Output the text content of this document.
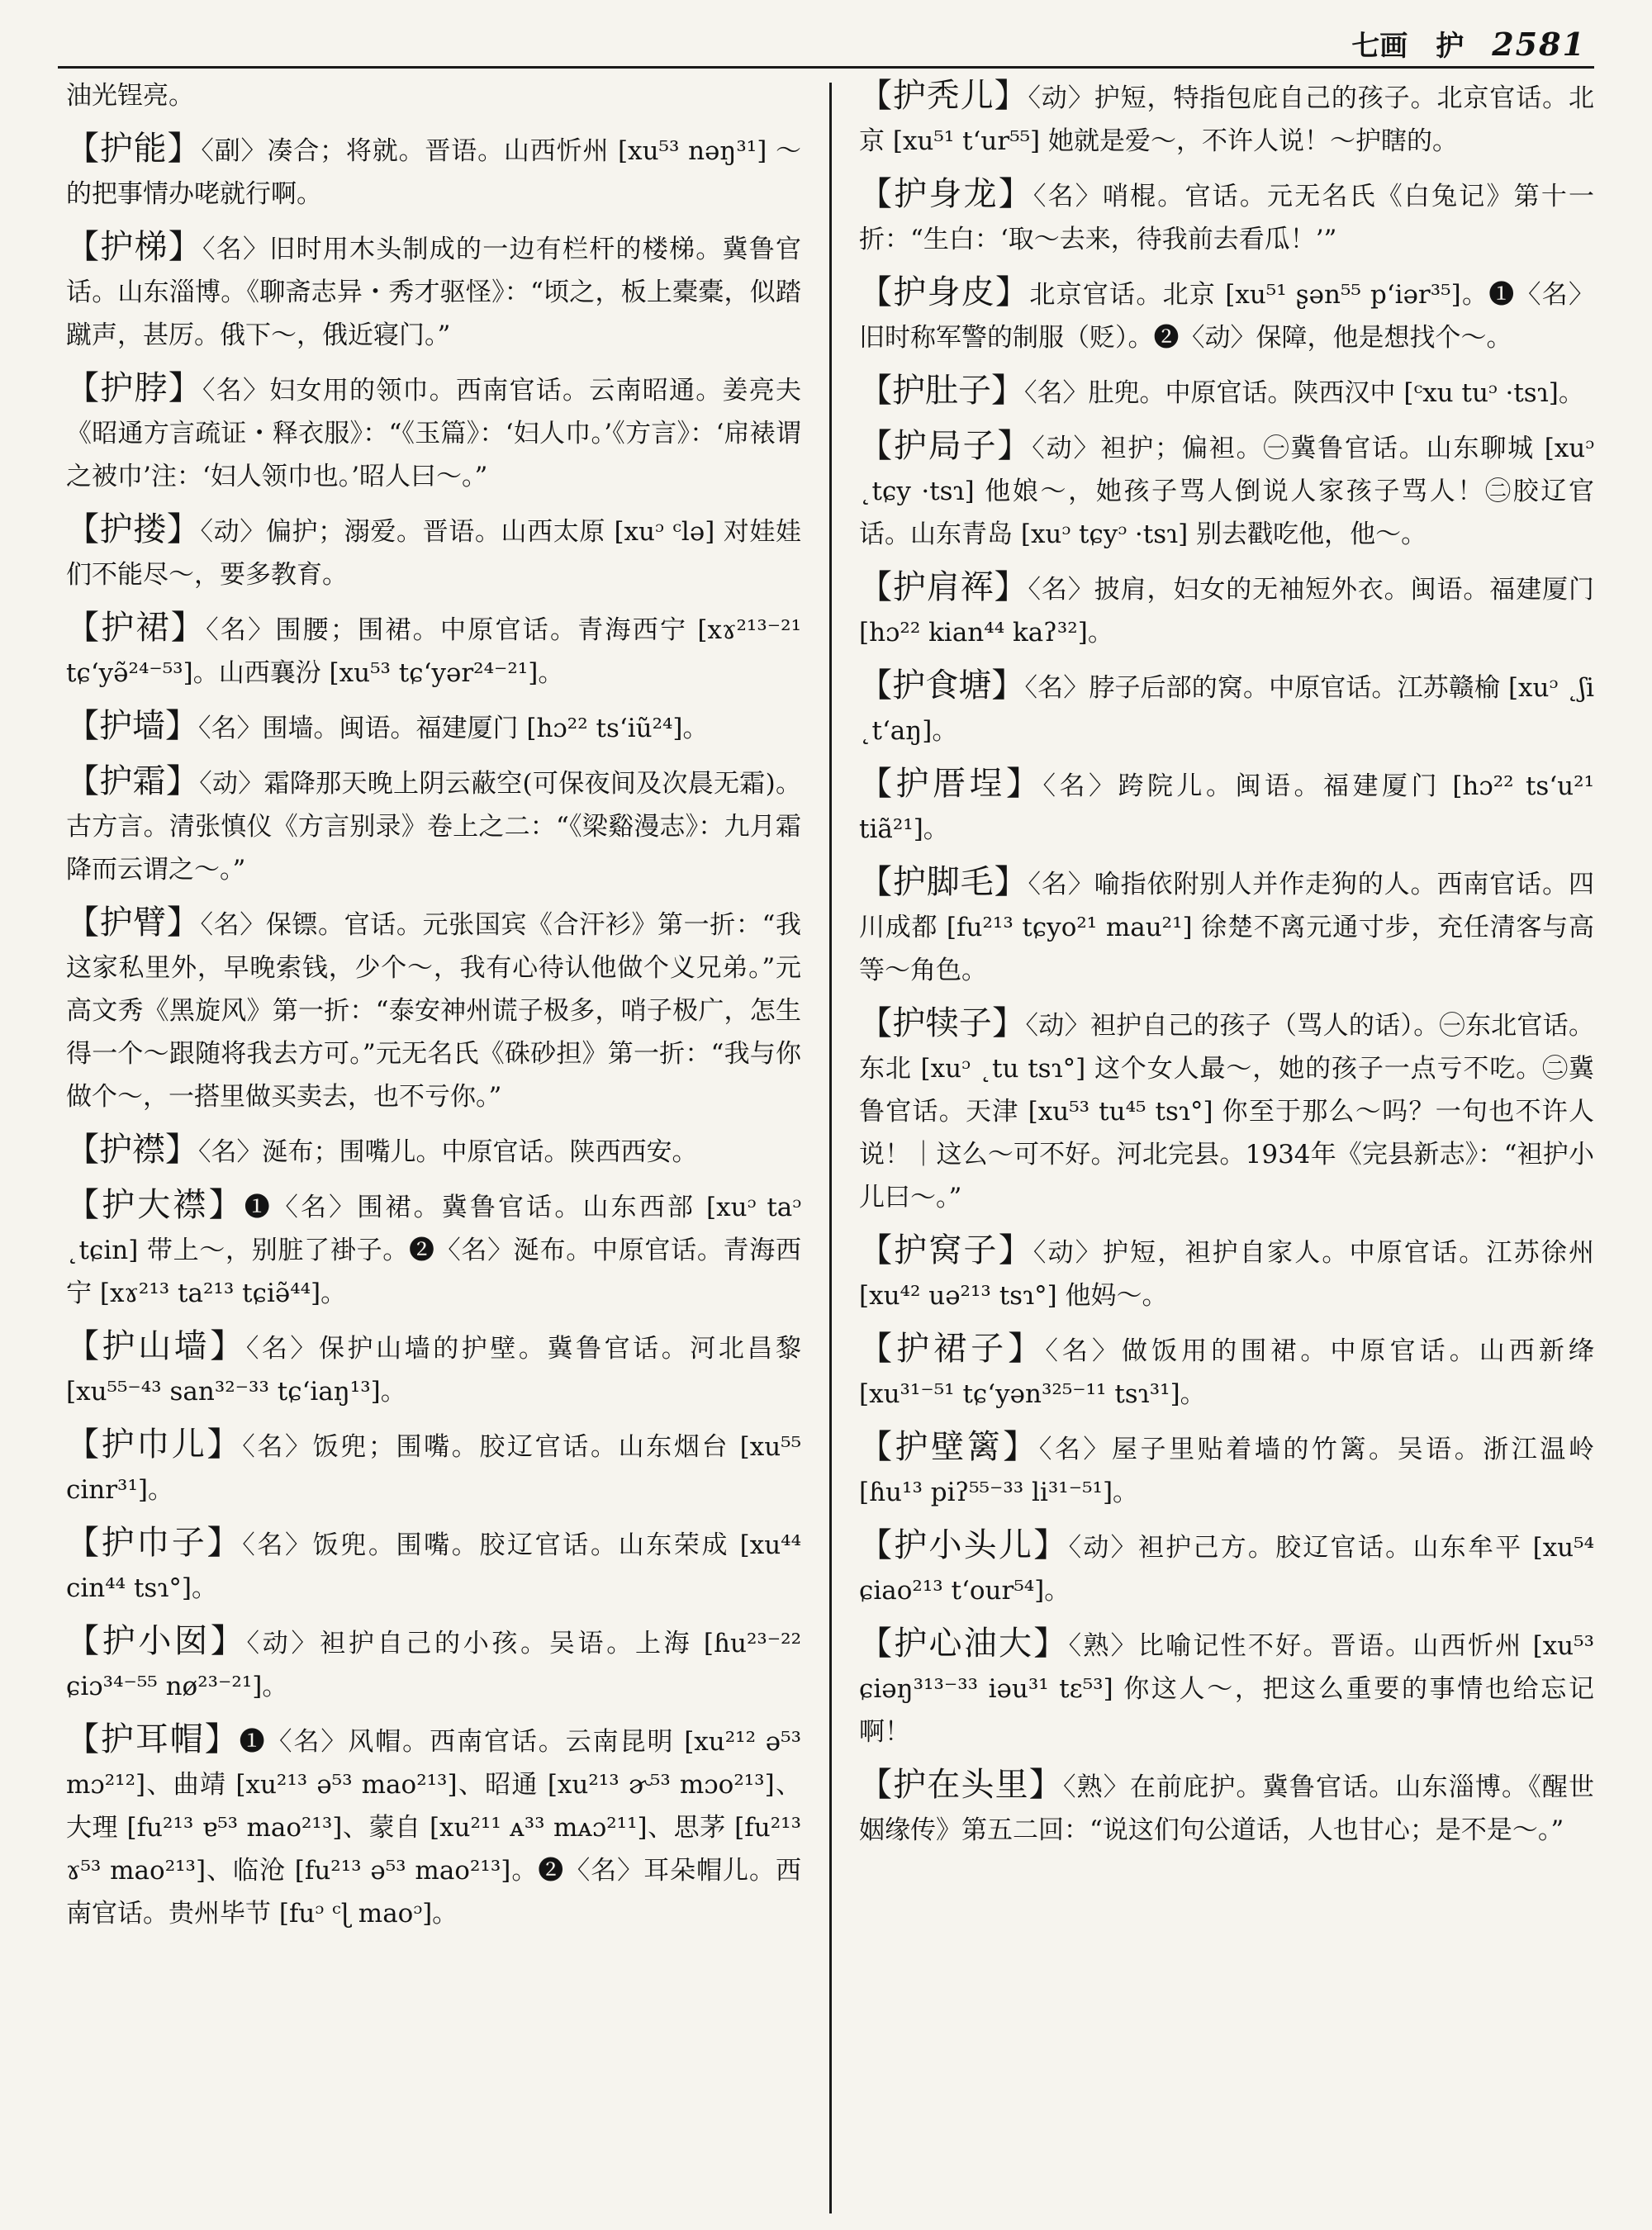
七画 护 2581
油光锃亮。
【护能】〈副〉凑合；将就。晋语。山西忻州 [xu⁵³ nəŋ³¹] ～的把事情办咾就行啊。
【护梯】〈名〉旧时用木头制成的一边有栏杆的楼梯。冀鲁官话。山东淄博。《聊斋志异・秀才驱怪》：“顷之，板上橐橐，似踏蹴声，甚厉。俄下～，俄近寝门。”
【护脖】〈名〉妇女用的领巾。西南官话。云南昭通。姜亮夫《昭通方言疏证・释衣服》：“《玉篇》：‘妇人巾。’《方言》：‘帍裱谓之被巾’注：‘妇人领巾也。’昭人曰～。”
【护搂】〈动〉偏护；溺爱。晋语。山西太原 [xuᵓ ᶜlə] 对娃娃们不能尽～，要多教育。
【护裙】〈名〉围腰；围裙。中原官话。青海西宁 [xɤ²¹³⁻²¹ tɕʻyə̃²⁴⁻⁵³]。山西襄汾 [xu⁵³ tɕʻyər²⁴⁻²¹]。
【护墙】〈名〉围墙。闽语。福建厦门 [hɔ²² tsʻiũ²⁴]。
【护霜】〈动〉霜降那天晚上阴云蔽空(可保夜间及次晨无霜)。古方言。清张慎仪《方言别录》卷上之二：“《梁谿漫志》：九月霜降而云谓之～。”
【护臂】〈名〉保镖。官话。元张国宾《合汗衫》第一折：“我这家私里外，早晚索钱，少个～，我有心待认他做个义兄弟。”元高文秀《黑旋风》第一折：“泰安神州谎子极多，哨子极广，怎生得一个～跟随将我去方可。”元无名氏《硃砂担》第一折：“我与你做个～，一搭里做买卖去，也不亏你。”
【护襟】〈名〉涎布；围嘴儿。中原官话。陕西西安。
【护大襟】❶〈名〉围裙。冀鲁官话。山东西部 [xuᵓ taᵓ ˛tɕin] 带上～，别脏了褂子。❷〈名〉涎布。中原官话。青海西宁 [xɤ²¹³ ta²¹³ tɕiə̃⁴⁴]。
【护山墙】〈名〉保护山墙的护壁。冀鲁官话。河北昌黎 [xu⁵⁵⁻⁴³ san³²⁻³³ tɕʻiaŋ¹³]。
【护巾儿】〈名〉饭兜；围嘴。胶辽官话。山东烟台 [xu⁵⁵ cinr³¹]。
【护巾子】〈名〉饭兜。围嘴。胶辽官话。山东荣成 [xu⁴⁴ cin⁴⁴ tsɿ°]。
【护小囡】〈动〉袒护自己的小孩。吴语。上海 [ɦu²³⁻²² ɕiɔ³⁴⁻⁵⁵ nø²³⁻²¹]。
【护耳帽】❶〈名〉风帽。西南官话。云南昆明 [xu²¹² ə⁵³ mɔ²¹²]、曲靖 [xu²¹³ ə⁵³ mao²¹³]、昭通 [xu²¹³ ɚ⁵³ mɔo²¹³]、大理 [fu²¹³ ɐ⁵³ mao²¹³]、蒙自 [xu²¹¹ ᴀ³³ mᴀɔ²¹¹]、思茅 [fu²¹³ ɤ⁵³ mao²¹³]、临沧 [fu²¹³ ə⁵³ mao²¹³]。❷〈名〉耳朵帽儿。西南官话。贵州毕节 [fuᵓ ᶜɭ maoᵓ]。
【护秃儿】〈动〉护短，特指包庇自己的孩子。北京官话。北京 [xu⁵¹ tʻur⁵⁵] 她就是爱～，不许人说！～护瞎的。
【护身龙】〈名〉哨棍。官话。元无名氏《白兔记》第十一折：“生白：‘取～去来，待我前去看瓜！’”
【护身皮】北京官话。北京 [xu⁵¹ ʂən⁵⁵ pʻiər³⁵]。❶〈名〉旧时称军警的制服（贬）。❷〈动〉保障，他是想找个～。
【护肚子】〈名〉肚兜。中原官话。陕西汉中 [ᶜxu tuᵓ ·tsɿ]。
【护局子】〈动〉袒护；偏袒。㊀冀鲁官话。山东聊城 [xuᵓ ˛tɕy ·tsɿ] 他娘～，她孩子骂人倒说人家孩子骂人！㊁胶辽官话。山东青岛 [xuᵓ tɕyᵓ ·tsɿ] 别去戳吃他，他～。
【护肩裈】〈名〉披肩，妇女的无袖短外衣。闽语。福建厦门 [hɔ²² kian⁴⁴ kaʔ³²]。
【护食塘】〈名〉脖子后部的窝。中原官话。江苏赣榆 [xuᵓ ˛ʃi ˛tʻaŋ]。
【护厝埕】〈名〉跨院儿。闽语。福建厦门 [hɔ²² tsʻu²¹ tiã²¹]。
【护脚毛】〈名〉喻指依附别人并作走狗的人。西南官话。四川成都 [fu²¹³ tɕyo²¹ mau²¹] 徐楚不离元通寸步，充任清客与高等～角色。
【护犊子】〈动〉袒护自己的孩子（骂人的话）。㊀东北官话。东北 [xuᵓ ˛tu tsɿ°] 这个女人最～，她的孩子一点亏不吃。㊁冀鲁官话。天津 [xu⁵³ tu⁴⁵ tsɿ°] 你至于那么～吗？一句也不许人说！｜这么～可不好。河北完县。1934年《完县新志》：“袒护小儿曰～。”
【护窝子】〈动〉护短，袒护自家人。中原官话。江苏徐州 [xu⁴² uə²¹³ tsɿ°] 他妈～。
【护裙子】〈名〉做饭用的围裙。中原官话。山西新绛 [xu³¹⁻⁵¹ tɕʻyən³²⁵⁻¹¹ tsɿ³¹]。
【护壁篱】〈名〉屋子里贴着墙的竹篱。吴语。浙江温岭 [ɦu¹³ piʔ⁵⁵⁻³³ li³¹⁻⁵¹]。
【护小头儿】〈动〉袒护己方。胶辽官话。山东牟平 [xu⁵⁴ ɕiao²¹³ tʻour⁵⁴]。
【护心油大】〈熟〉比喻记性不好。晋语。山西忻州 [xu⁵³ ɕiəŋ³¹³⁻³³ iəu³¹ tɛ⁵³] 你这人～，把这么重要的事情也给忘记啊！
【护在头里】〈熟〉在前庇护。冀鲁官话。山东淄博。《醒世姻缘传》第五二回：“说这们句公道话，人也甘心；是不是～。”
